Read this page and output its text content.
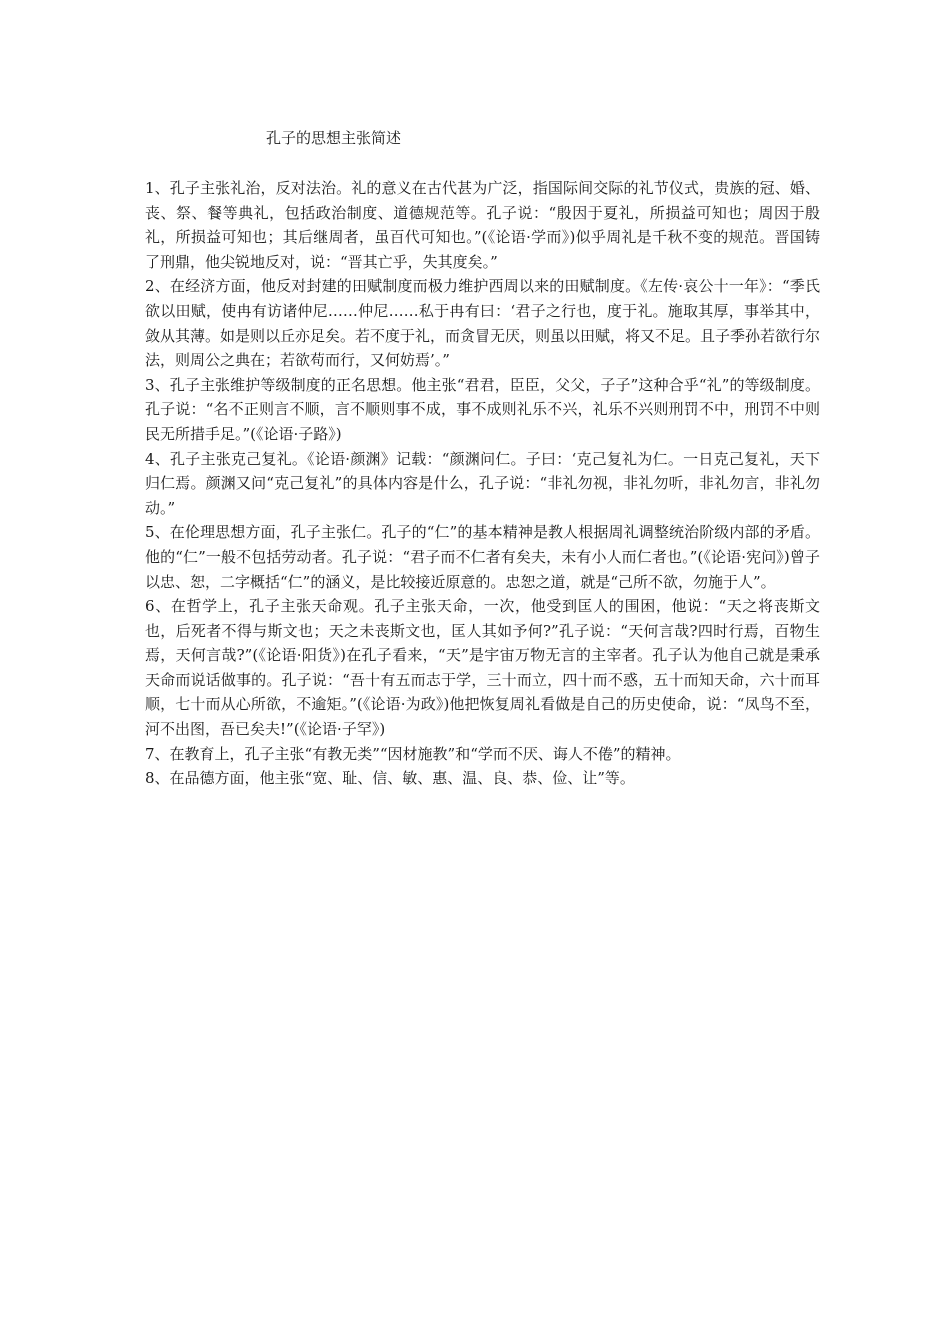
孔子的思想主张简述

1、孔子主张礼治，反对法治。礼的意义在古代甚为广泛，指国际间交际的礼节仪式，贵族的冠、婚、丧、祭、餐等典礼，包括政治制度、道德规范等。孔子说：“殷因于夏礼，所损益可知也；周因于殷礼，所损益可知也；其后继周者，虽百代可知也。”(《论语·学而》)似乎周礼是千秋不变的规范。晋国铸了刑鼎，他尖锐地反对，说：“晋其亡乎，失其度矣。”

2、在经济方面，他反对封建的田赋制度而极力维护西周以来的田赋制度。《左传·哀公十一年》：“季氏欲以田赋，使冉有访诸仲尼……仲尼……私于冉有曰：‘君子之行也，度于礼。施取其厚，事举其中，敛从其薄。如是则以丘亦足矣。若不度于礼，而贪冒无厌，则虽以田赋，将又不足。且子季孙若欲行尔法，则周公之典在；若欲苟而行，又何妨焉’。”

3、孔子主张维护等级制度的正名思想。他主张“君君，臣臣，父父，子子”这种合乎“礼”的等级制度。孔子说：“名不正则言不顺，言不顺则事不成，事不成则礼乐不兴，礼乐不兴则刑罚不中，刑罚不中则民无所措手足。”(《论语·子路》)

4、孔子主张克己复礼。《论语·颜渊》记载：“颜渊问仁。子曰：‘克己复礼为仁。一日克己复礼，天下归仁焉。颜渊又问“克己复礼”的具体内容是什么，孔子说：“非礼勿视，非礼勿听，非礼勿言，非礼勿动。”

5、在伦理思想方面，孔子主张仁。孔子的“仁”的基本精神是教人根据周礼调整统治阶级内部的矛盾。他的“仁”一般不包括劳动者。孔子说：“君子而不仁者有矣夫，未有小人而仁者也。”(《论语·宪问》)曾子以忠、恕，二字概括“仁”的涵义，是比较接近原意的。忠恕之道，就是“己所不欲，勿施于人”。

6、在哲学上，孔子主张天命观。孔子主张天命，一次，他受到匡人的围困，他说：“天之将丧斯文也，后死者不得与斯文也；天之未丧斯文也，匡人其如予何?”孔子说：“天何言哉?四时行焉，百物生焉，天何言哉?”(《论语·阳货》)在孔子看来，“天”是宇宙万物无言的主宰者。孔子认为他自己就是秉承天命而说话做事的。孔子说：“吾十有五而志于学，三十而立，四十而不惑，五十而知天命，六十而耳顺，七十而从心所欲，不逾矩。”(《论语·为政》)他把恢复周礼看做是自己的历史使命，说：“凤鸟不至，河不出图，吾已矣夫!”(《论语·子罕》)

7、在教育上，孔子主张“有教无类”“因材施教”和“学而不厌、诲人不倦”的精神。

8、在品德方面，他主张“宽、耻、信、敏、惠、温、良、恭、俭、让”等。
